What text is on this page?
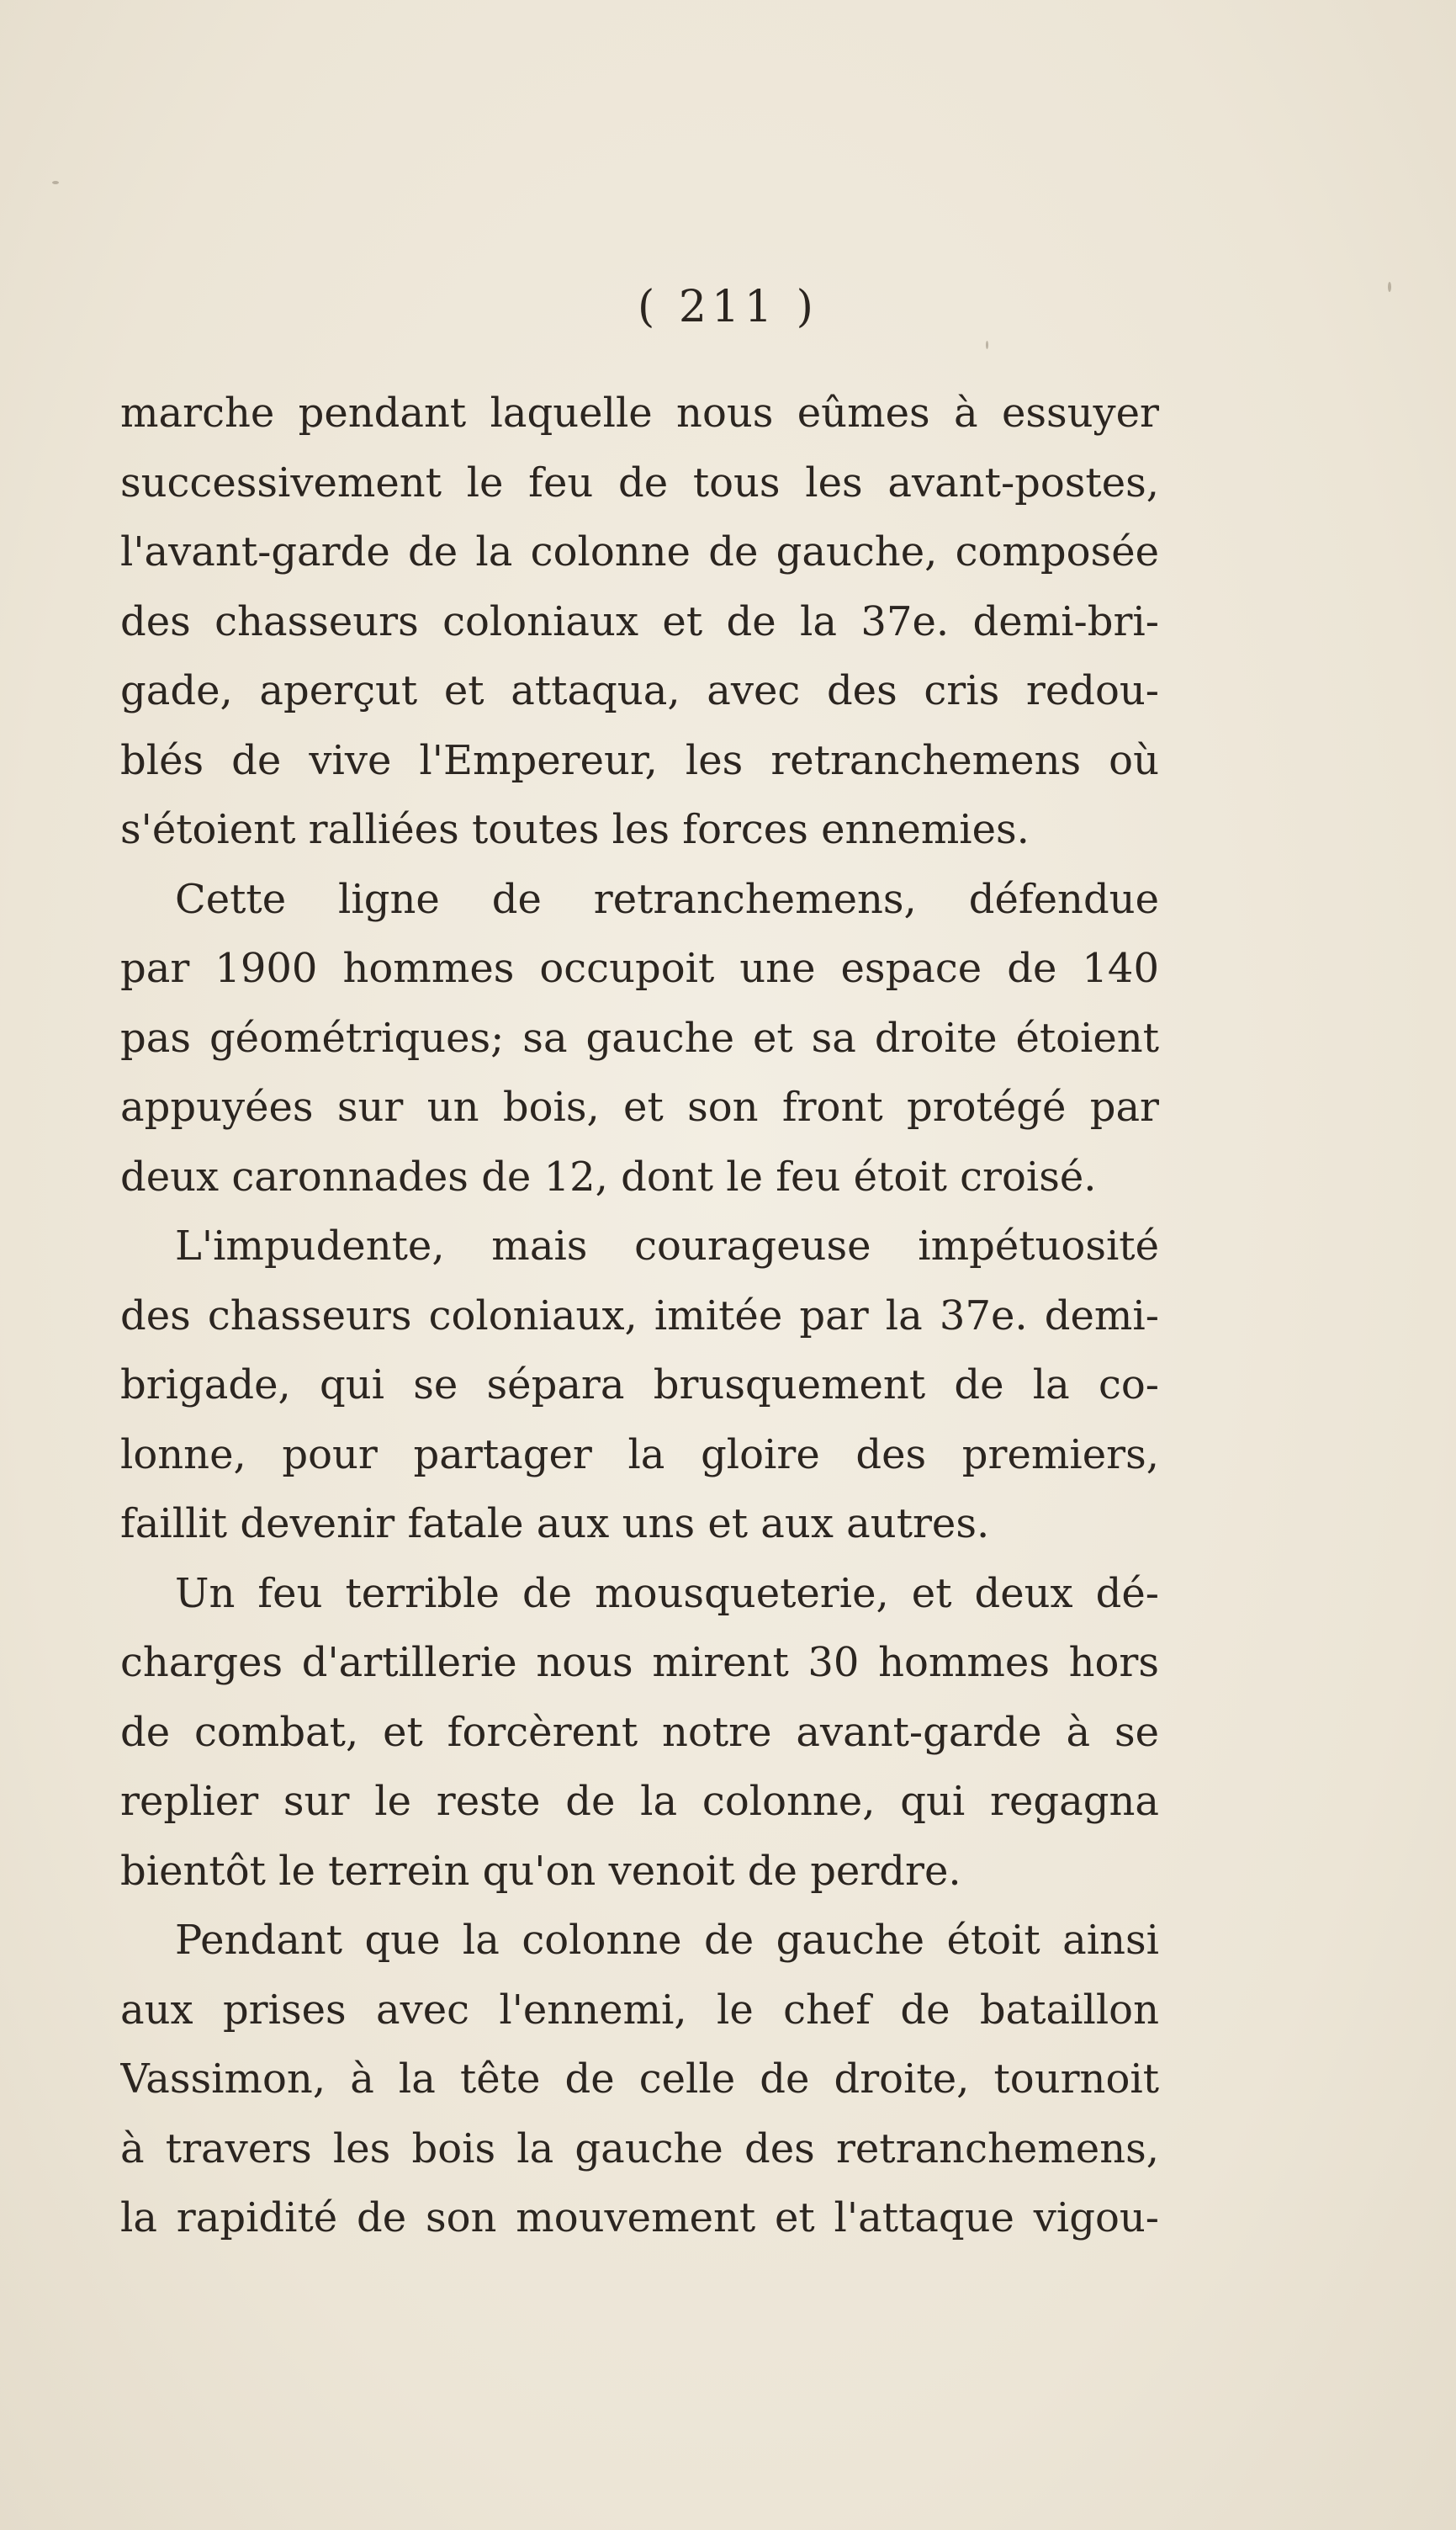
( 211 )
marche pendant laquelle nous eûmes à essuyer
successivement le feu de tous les avant-postes,
l'avant-garde de la colonne de gauche, composée
des chasseurs coloniaux et de la 37e. demi-bri-
gade, aperçut et attaqua, avec des cris redou-
blés de vive l'Empereur, les retranchemens où
s'étoient ralliées toutes les forces ennemies.
Cette ligne de retranchemens, défendue
par 1900 hommes occupoit une espace de 140
pas géométriques; sa gauche et sa droite étoient
appuyées sur un bois, et son front protégé par
deux caronnades de 12, dont le feu étoit croisé.
L'impudente, mais courageuse impétuosité
des chasseurs coloniaux, imitée par la 37e. demi-
brigade, qui se sépara brusquement de la co-
lonne, pour partager la gloire des premiers,
faillit devenir fatale aux uns et aux autres.
Un feu terrible de mousqueterie, et deux dé-
charges d'artillerie nous mirent 30 hommes hors
de combat, et forcèrent notre avant-garde à se
replier sur le reste de la colonne, qui regagna
bientôt le terrein qu'on venoit de perdre.
Pendant que la colonne de gauche étoit ainsi
aux prises avec l'ennemi, le chef de bataillon
Vassimon, à la tête de celle de droite, tournoit
à travers les bois la gauche des retranchemens,
la rapidité de son mouvement et l'attaque vigou-
